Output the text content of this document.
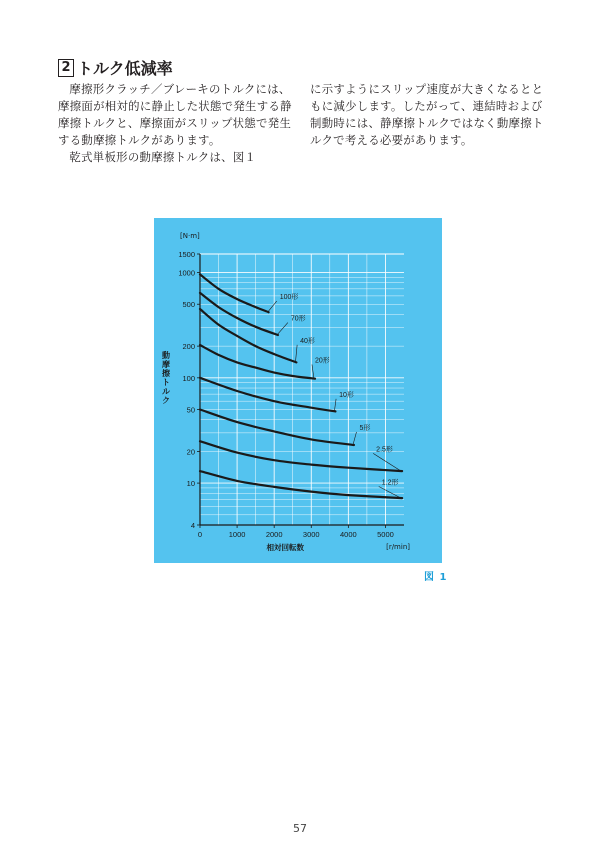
2 トルク低減率

摩擦形クラッチ／ブレーキのトルクには、摩擦面が相対的に静止した状態で発生する静摩擦トルクと、摩擦面がスリップ状態で発生する動摩擦トルクがあります。

乾式単板形の動摩擦トルクは、図１

に示すようにスリップ速度が大きくなるとともに減少します。したがって、連結時および制動時には、静摩擦トルクではなく動摩擦トルクで考える必要があります。

4
10
20
50
100
200
500
1000
1500
0	1000	2000	3000	4000	5000
[N·m]
[r/min]
相対回転数
動
摩
擦
ト
ル
ク
100形
70形
40形
20形
10形
5形
2.5形
1.2形
図 1
57
